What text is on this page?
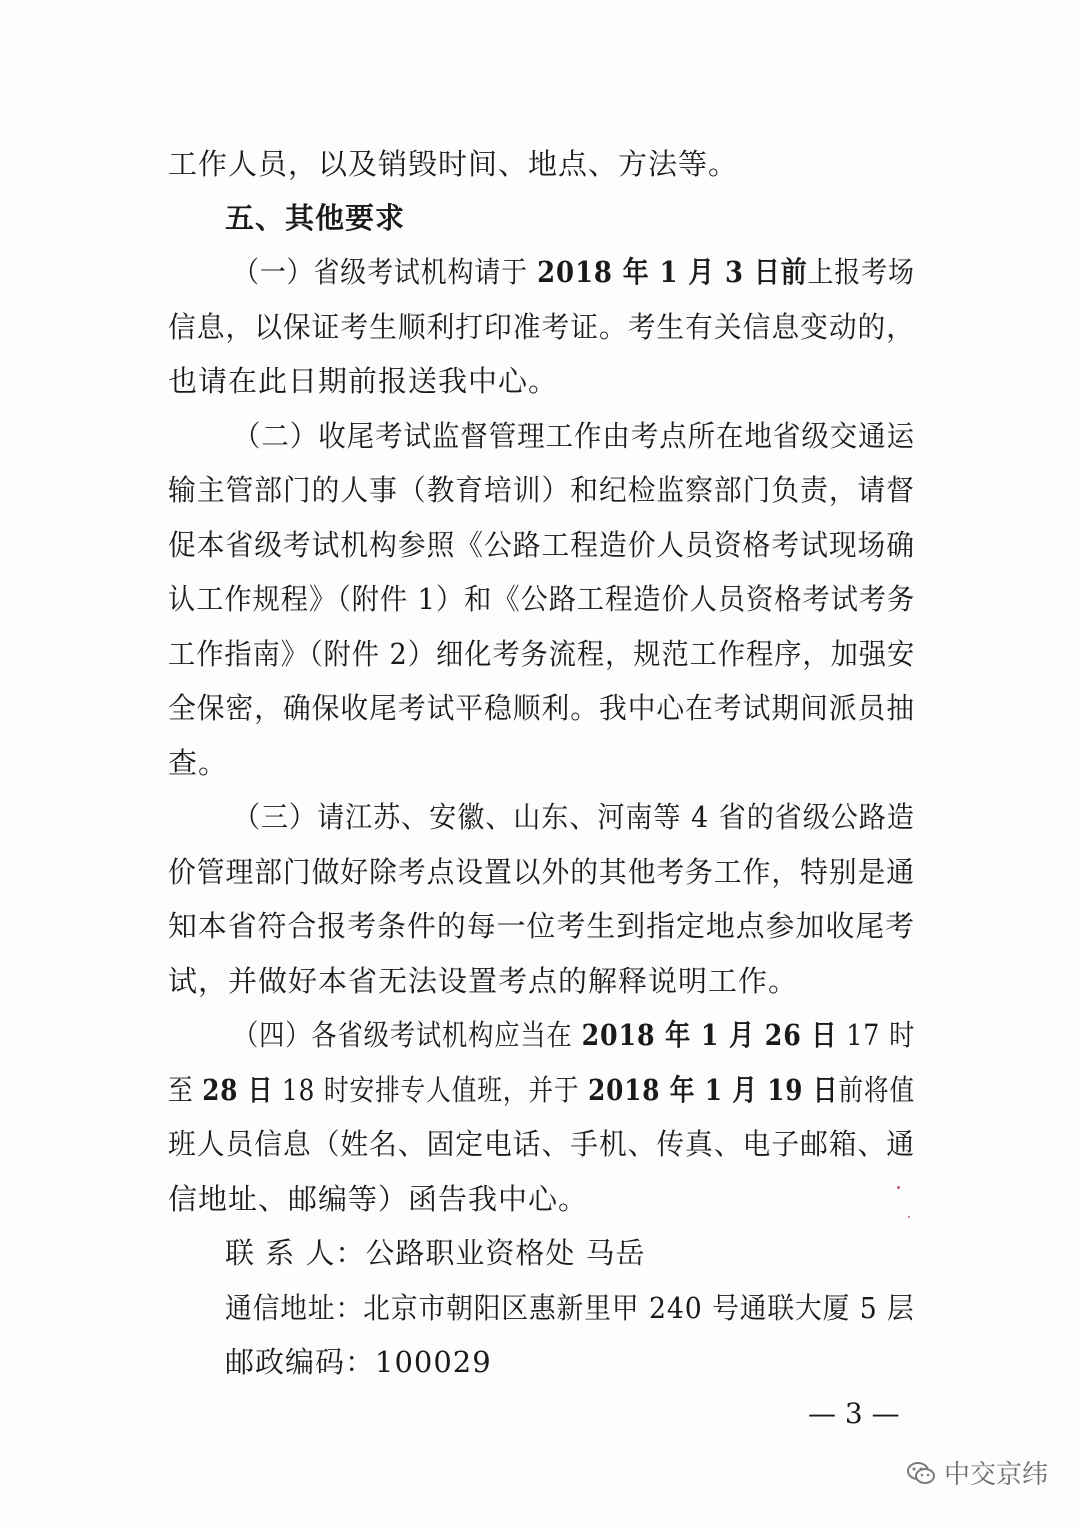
工作人员，以及销毁时间、地点、方法等。
五、其他要求
（一）省级考试机构请于 2018 年 1 月 3 日前上报考场
信息，以保证考生顺利打印准考证。考生有关信息变动的，
也请在此日期前报送我中心。
（二）收尾考试监督管理工作由考点所在地省级交通运
输主管部门的人事（教育培训）和纪检监察部门负责，请督
促本省级考试机构参照《公路工程造价人员资格考试现场确
认工作规程》（附件 1）和《公路工程造价人员资格考试考务
工作指南》（附件 2）细化考务流程，规范工作程序，加强安
全保密，确保收尾考试平稳顺利。我中心在考试期间派员抽
查。
（三）请江苏、安徽、山东、河南等 4 省的省级公路造
价管理部门做好除考点设置以外的其他考务工作，特别是通
知本省符合报考条件的每一位考生到指定地点参加收尾考
试，并做好本省无法设置考点的解释说明工作。
（四）各省级考试机构应当在 2018 年 1 月 26 日 17 时
至 28 日 18 时安排专人值班，并于 2018 年 1 月 19 日前将值
班人员信息（姓名、固定电话、手机、传真、电子邮箱、通
信地址、邮编等）函告我中心。
联 系 人：公路职业资格处 马岳
通信地址：北京市朝阳区惠新里甲 240 号通联大厦 5 层
邮政编码：100029
— 3 —
中交京纬
